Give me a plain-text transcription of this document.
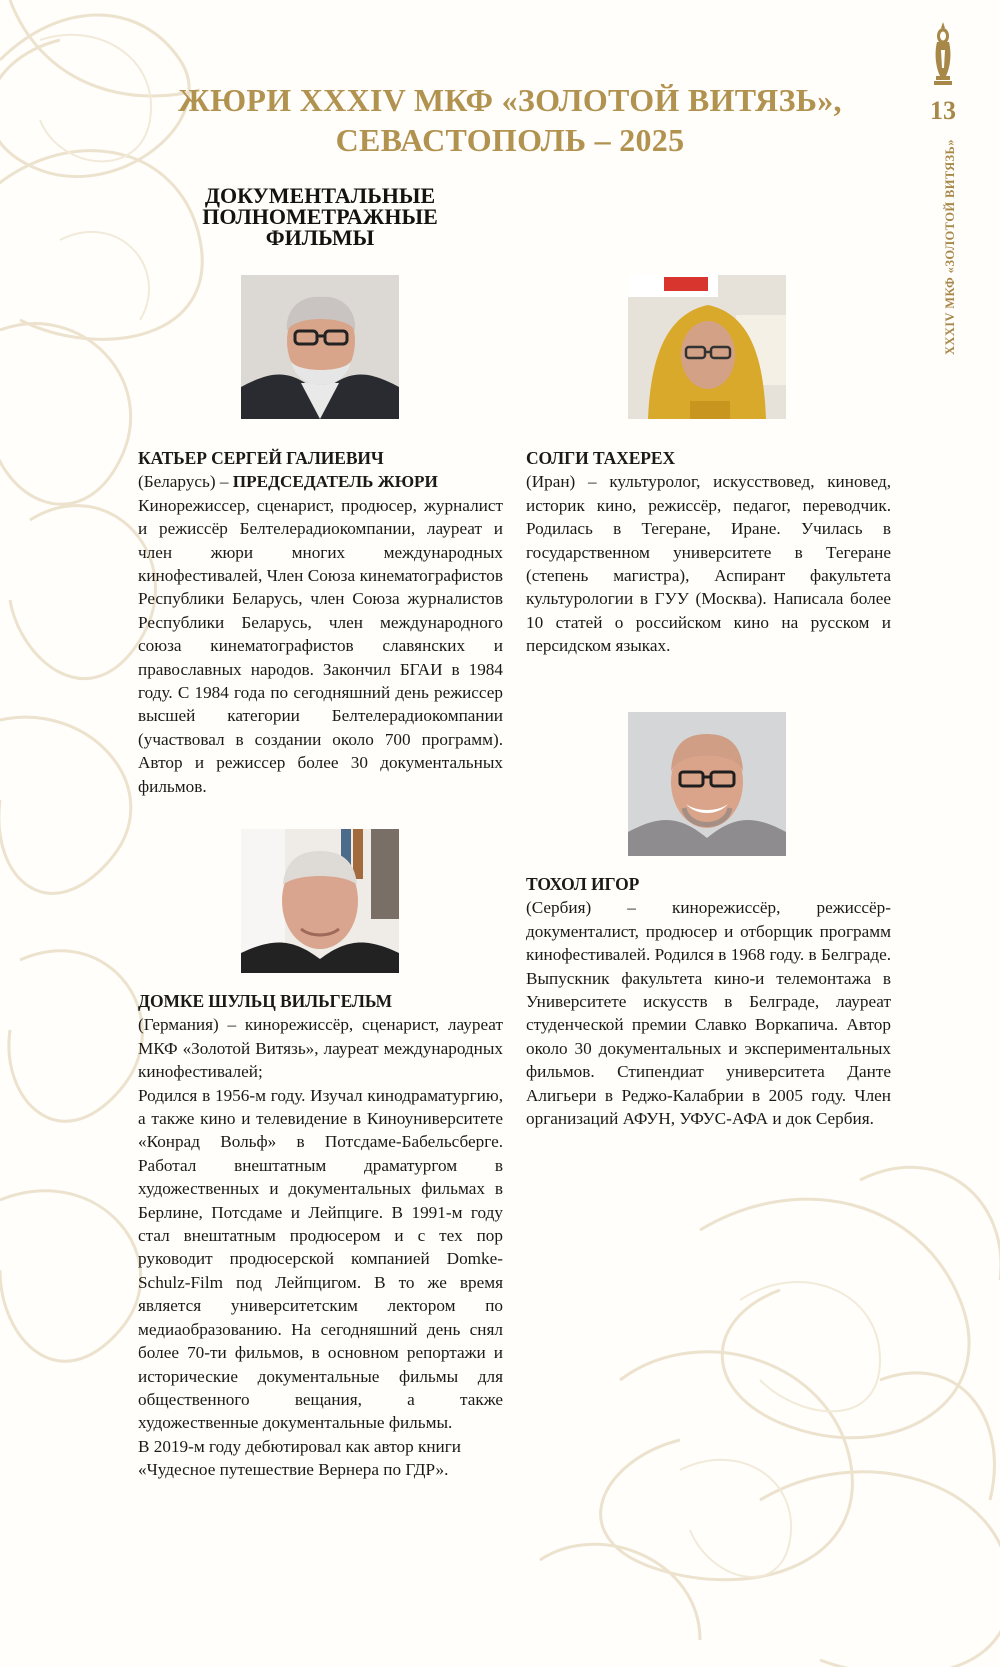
13
XXXIV МКФ «ЗОЛОТОЙ ВИТЯЗЬ»
ЖЮРИ XXXIV МКФ «ЗОЛОТОЙ ВИТЯЗЬ»,
СЕВАСТОПОЛЬ – 2025
ДОКУМЕНТАЛЬНЫЕ
ПОЛНОМЕТРАЖНЫЕ
ФИЛЬМЫ
КАТЬЕР СЕРГЕЙ ГАЛИЕВИЧ

(Беларусь) – ПРЕДСЕДАТЕЛЬ ЖЮРИ
Кинорежиссер, сценарист, продюсер, журналист и режиссёр Белтелерадиокомпании, лауреат и член жюри многих международных кинофестивалей, Член Союза кинематографистов Республики Беларусь, член Союза журналистов Республики Беларусь, член международного союза кинематографистов славянских и православных народов. Закончил БГАИ в 1984 году. С 1984 года по сегодняшний день режиссер высшей категории Белтелерадиокомпании (участвовал в создании около 700 программ). Автор и режиссер более 30 документальных фильмов.

СОЛГИ ТАХЕРЕХ

(Иран) – культуролог, искусствовед, киновед, историк кино, режиссёр, педагог, переводчик. Родилась в Тегеране, Иране. Училась в государственном университете в Тегеране (степень магистра), Аспирант факультета культурологии в ГУУ (Москва). Написала более 10 статей о российском кино на русском и персидском языках.

ДОМКЕ ШУЛЬЦ ВИЛЬГЕЛЬМ

(Германия) – кинорежиссёр, сценарист, лауреат МКФ «Золотой Витязь», лауреат международных кинофестивалей;

Родился в 1956-м году. Изучал кинодраматургию, а также кино и телевидение в Киноуниверситете «Конрад Вольф» в Потсдаме-Бабельсберге. Работал внештатным драматургом в художественных и документальных фильмах в Берлине, Потсдаме и Лейпциге. В 1991-м году стал внештатным продюсером и с тех пор руководит продюсерской компанией Domke-Schulz-Film под Лейпцигом. В то же время является университетским лектором по медиаобразованию. На сегодняшний день снял более 70-ти фильмов, в основном репортажи и исторические документальные фильмы для общественного вещания, а также художественные документальные фильмы.

В 2019-м году дебютировал как автор книги «Чудесное путешествие Вернера по ГДР».

ТОХОЛ ИГОР

(Сербия) – кинорежиссёр, режиссёр-документалист, продюсер и отборщик программ кинофестивалей. Родился в 1968 году. в Белграде. Выпускник факультета кино-и телемонтажа в Университете искусств в Белграде, лауреат студенческой премии Славко Воркапича. Автор около 30 документальных и экспериментальных фильмов. Стипендиат университета Данте Алигьери в Реджо-Калабрии в 2005 году. Член организаций АФУН, УФУС-АФА и док Сербия.
